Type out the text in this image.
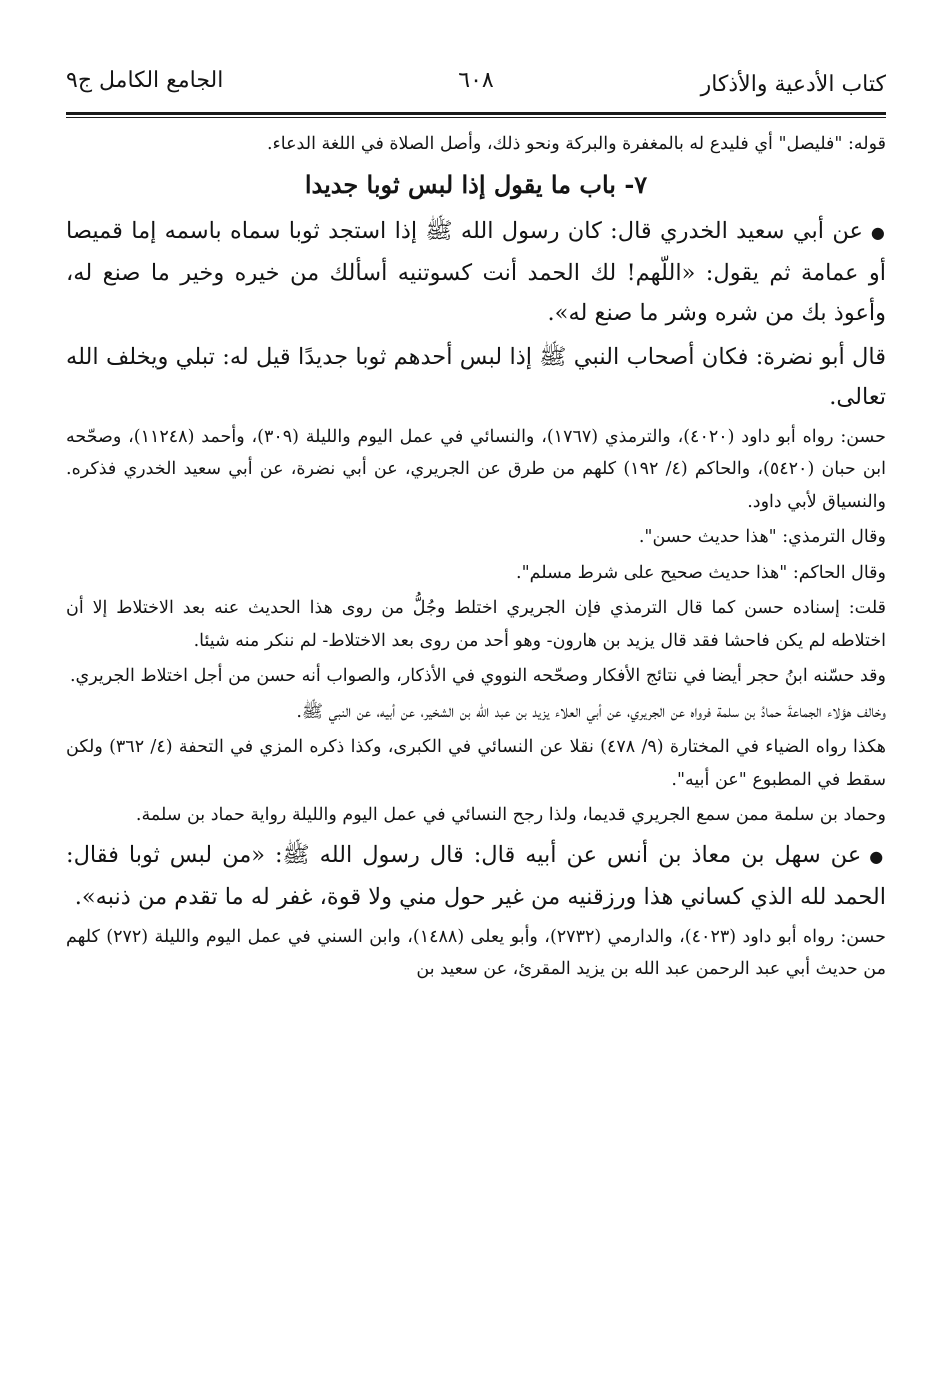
كتاب الأدعية والأذكار
٦٠٨
الجامع الكامل ج٩

قوله: "فليصل" أي فليدع له بالمغفرة والبركة ونحو ذلك، وأصل الصلاة في اللغة الدعاء.

٧- باب ما يقول إذا لبس ثوبا جديدا

●عن أبي سعيد الخدري قال: كان رسول الله ﷺ إذا استجد ثوبا سماه باسمه إما قميصا أو عمامة ثم يقول: «اللّهم! لك الحمد أنت كسوتنيه أسألك من خيره وخير ما صنع له، وأعوذ بك من شره وشر ما صنع له».

قال أبو نضرة: فكان أصحاب النبي ﷺ إذا لبس أحدهم ثوبا جديدًا قيل له: تبلي ويخلف الله تعالى.

حسن: رواه أبو داود (٤٠٢٠)، والترمذي (١٧٦٧)، والنسائي في عمل اليوم والليلة (٣٠٩)، وأحمد (١١٢٤٨)، وصحّحه ابن حبان (٥٤٢٠)، والحاكم (٤/ ١٩٢) كلهم من طرق عن الجريري، عن أبي نضرة، عن أبي سعيد الخدري فذكره. والنسياق لأبي داود.

وقال الترمذي: "هذا حديث حسن".

وقال الحاكم: "هذا حديث صحيح على شرط مسلم".

قلت: إسناده حسن كما قال الترمذي فإن الجريري اختلط وجُلُّ من روى هذا الحديث عنه بعد الاختلاط إلا أن اختلاطه لم يكن فاحشا فقد قال يزيد بن هارون- وهو أحد من روى بعد الاختلاط- لم ننكر منه شيئا.

وقد حسّنه ابنُ حجر أيضا في نتائج الأفكار وصحّحه النووي في الأذكار، والصواب أنه حسن من أجل اختلاط الجريري.

وخالف هؤلاء الجماعةَ حمادُ بن سلمة فرواه عن الجريري، عن أبي العلاء يزيد بن عبد الله بن الشخير، عن أبيه، عن النبي ﷺ.

هكذا رواه الضياء في المختارة (٩/ ٤٧٨) نقلا عن النسائي في الكبرى، وكذا ذكره المزي في التحفة (٤/ ٣٦٢) ولكن سقط في المطبوع "عن أبيه".

وحماد بن سلمة ممن سمع الجريري قديما، ولذا رجح النسائي في عمل اليوم والليلة رواية حماد بن سلمة.

●عن سهل بن معاذ بن أنس عن أبيه قال: قال رسول الله ﷺ: «من لبس ثوبا فقال: الحمد لله الذي كساني هذا ورزقنيه من غير حول مني ولا قوة، غفر له ما تقدم من ذنبه».

حسن: رواه أبو داود (٤٠٢٣)، والدارمي (٢٧٣٢)، وأبو يعلى (١٤٨٨)، وابن السني في عمل اليوم والليلة (٢٧٢) كلهم من حديث أبي عبد الرحمن عبد الله بن يزيد المقرئ، عن سعيد بن
